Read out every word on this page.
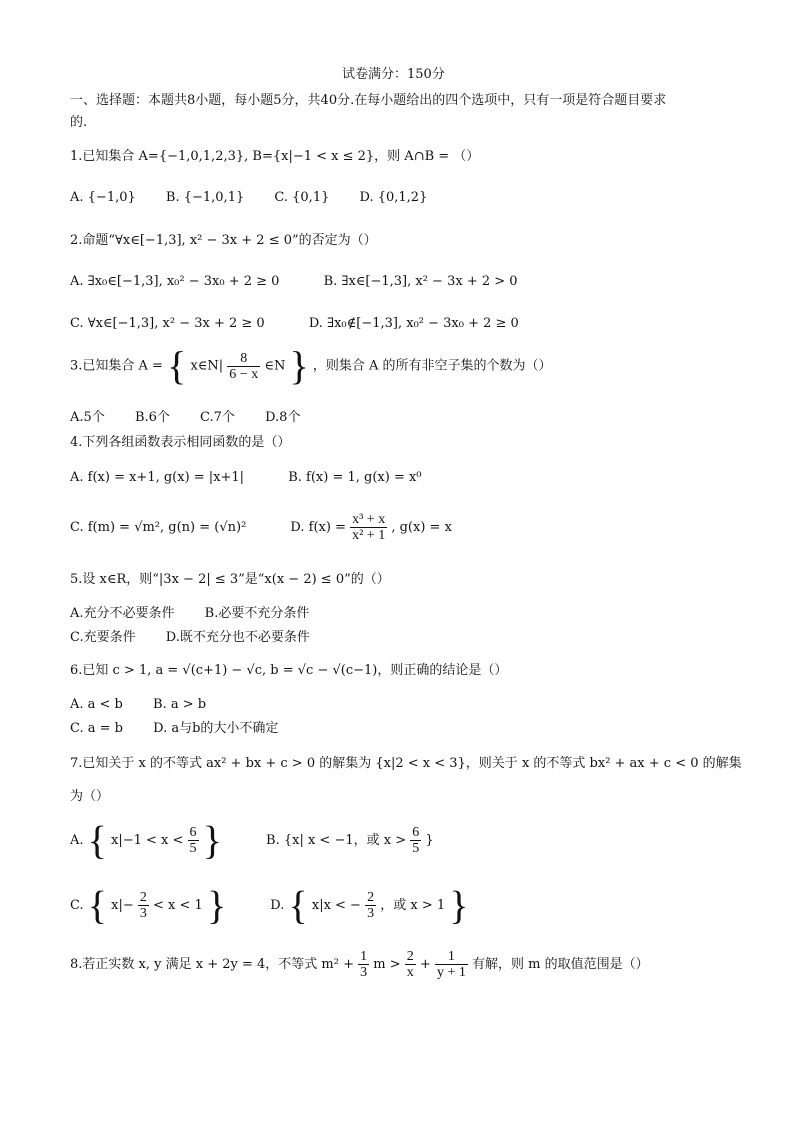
试卷满分：150分
一、选择题：本题共8小题，每小题5分，共40分.在每小题给出的四个选项中，只有一项是符合题目要求
的.
1.已知集合 A={−1,0,1,2,3}, B={x|−1 < x ≤ 2}，则 A∩B = （）
A. {−1,0} B. {−1,0,1} C. {0,1} D. {0,1,2}
2.命题“∀x∈[−1,3], x² − 3x + 2 ≤ 0”的否定为（）
A. ∃x₀∈[−1,3], x₀² − 3x₀ + 2 ≥ 0	B. ∃x∈[−1,3], x² − 3x + 2 > 0
C. ∀x∈[−1,3], x² − 3x + 2 ≥ 0	D. ∃x₀∉[−1,3], x₀² − 3x₀ + 2 ≥ 0
3.已知集合 A = { x∈N| $\frac{8}{6 - x}$ ∈N } ，则集合 A 的所有非空子集的个数为（）
A.5个 B.6个 C.7个 D.8个
4.下列各组函数表示相同函数的是（）
A. f(x) = x+1, g(x) = |x+1|	B. f(x) = 1, g(x) = x⁰
C. f(m) = √m², g(n) = (√n)²	D. $f(x) = \frac{\text{x³ + x}}{\text{x² + 1}}$ , g(x) = x
5.设 x∈R，则“|3x − 2| ≤ 3”是“x(x − 2) ≤ 0”的（）
A.充分不必要条件 B.必要不充分条件
C.充要条件 D.既不充分也不必要条件
6.已知 c > 1, a = √(c+1) − √c, b = √c − √(c−1)，则正确的结论是（）
A. a < b B. a > b
C. a = b D. a与b的大小不确定
7.已知关于 x 的不等式 ax² + bx + c > 0 的解集为 {x|2 < x < 3}，则关于 x 的不等式 bx² + ax + c < 0 的解集
为（）
A. { $x|-1 < x < \frac{6}{5}$ }	B. {x| x < −1，或 $x > \frac{6}{5}$ }
C. { $x|- \frac{2}{3} < x < 1$ }	D. { x|x < − $\frac{2}{3}$ ，或 x > 1 }
8.若正实数 x, y 满足 x + 2y = 4，不等式 $m^2 + \frac{1}{3}$ $m > \frac{2}{x} + \frac{1}{y + 1}$ 有解，则 m 的取值范围是（）
